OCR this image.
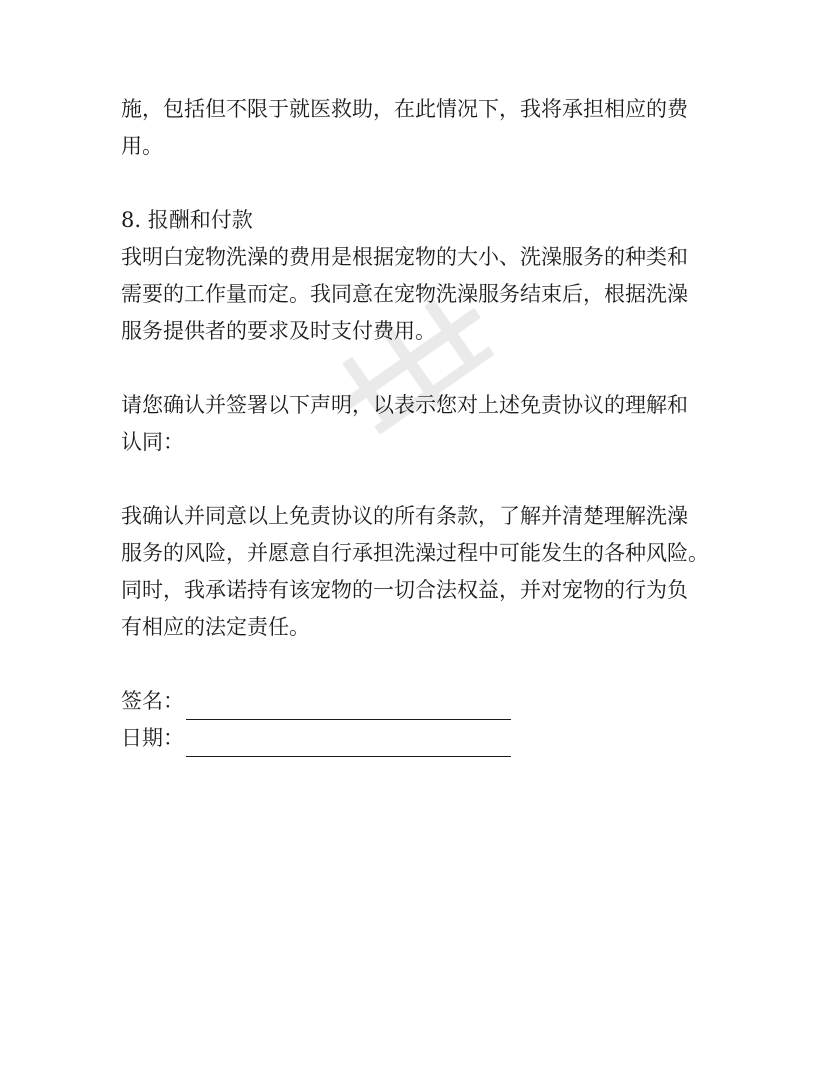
施，包括但不限于就医救助，在此情况下，我将承担相应的费
用。

8. 报酬和付款
我明白宠物洗澡的费用是根据宠物的大小、洗澡服务的种类和
需要的工作量而定。我同意在宠物洗澡服务结束后，根据洗澡
服务提供者的要求及时支付费用。

请您确认并签署以下声明，以表示您对上述免责协议的理解和
认同：

我确认并同意以上免责协议的所有条款，了解并清楚理解洗澡
服务的风险，并愿意自行承担洗澡过程中可能发生的各种风险。
同时，我承诺持有该宠物的一切合法权益，并对宠物的行为负
有相应的法定责任。

签名：
日期：
